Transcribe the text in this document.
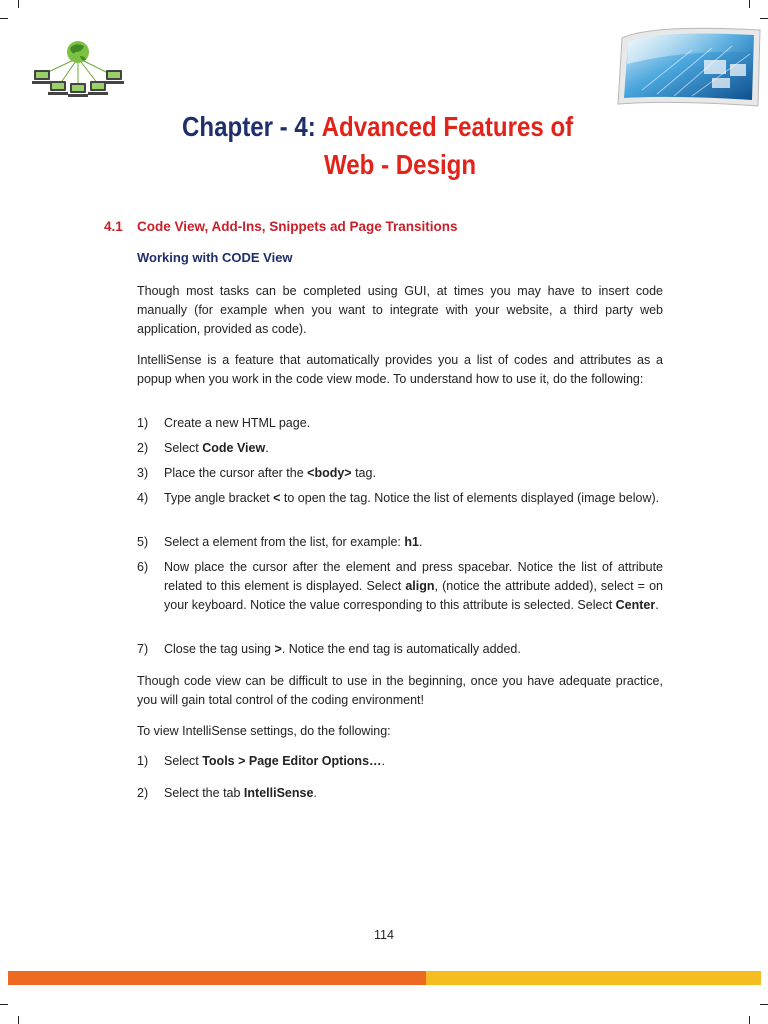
Chapter - 4: Advanced Features of
Web - Design
4.1 Code View, Add-Ins, Snippets ad Page Transitions
Working with CODE View

Though most tasks can be completed using GUI, at times you may have to insert code manually (for example when you want to integrate with your website, a third party web application, provided as code).

IntelliSense is a feature that automatically provides you a list of codes and attributes as a popup when you work in the code view mode. To understand how to use it, do the following:

1) Create a new HTML page.
2) Select Code View.
3) Place the cursor after the <body> tag.
4) Type angle bracket < to open the tag. Notice the list of elements displayed (image below).
5) Select a element from the list, for example: h1.
6) Now place the cursor after the element and press spacebar. Notice the list of attribute related to this element is displayed. Select align, (notice the attribute added), select = on your keyboard. Notice the value corresponding to this attribute is selected. Select Center.
7) Close the tag using >. Notice the end tag is automatically added.

Though code view can be difficult to use in the beginning, once you have adequate practice, you will gain total control of the coding environment!

To view IntelliSense settings, do the following:

1) Select Tools > Page Editor Options….
2) Select the tab IntelliSense.
114
